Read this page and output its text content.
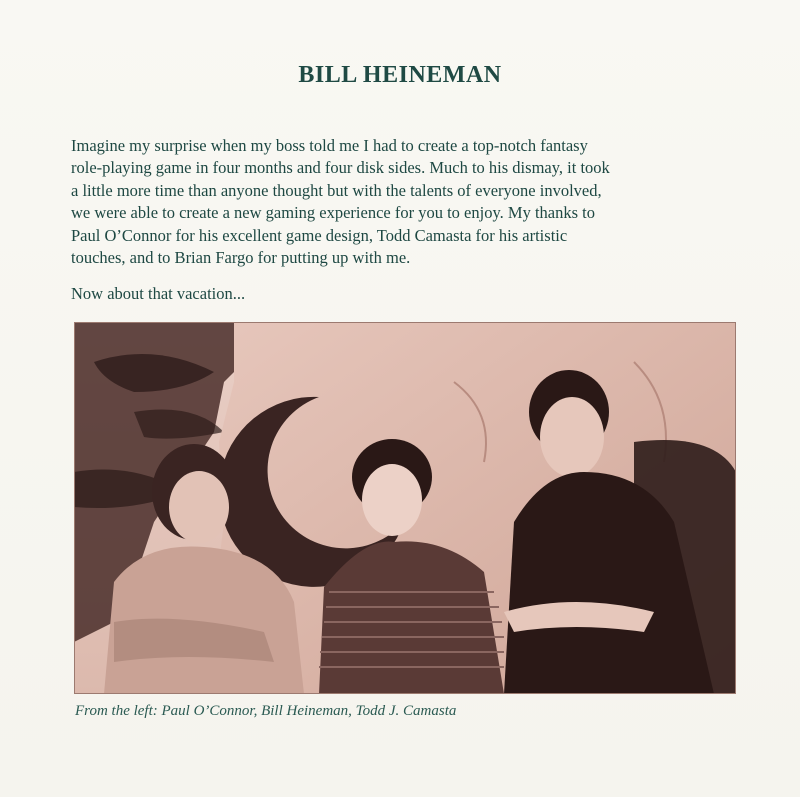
BILL HEINEMAN

Imagine my surprise when my boss told me I had to create a top-notch fantasy
role-playing game in four months and four disk sides. Much to his dismay, it took
a little more time than anyone thought but with the talents of everyone involved,
we were able to create a new gaming experience for you to enjoy. My thanks to
Paul O’Connor for his excellent game design, Todd Camasta for his artistic
touches, and to Brian Fargo for putting up with me.

Now about that vacation...

From the left: Paul O’Connor, Bill Heineman, Todd J. Camasta
